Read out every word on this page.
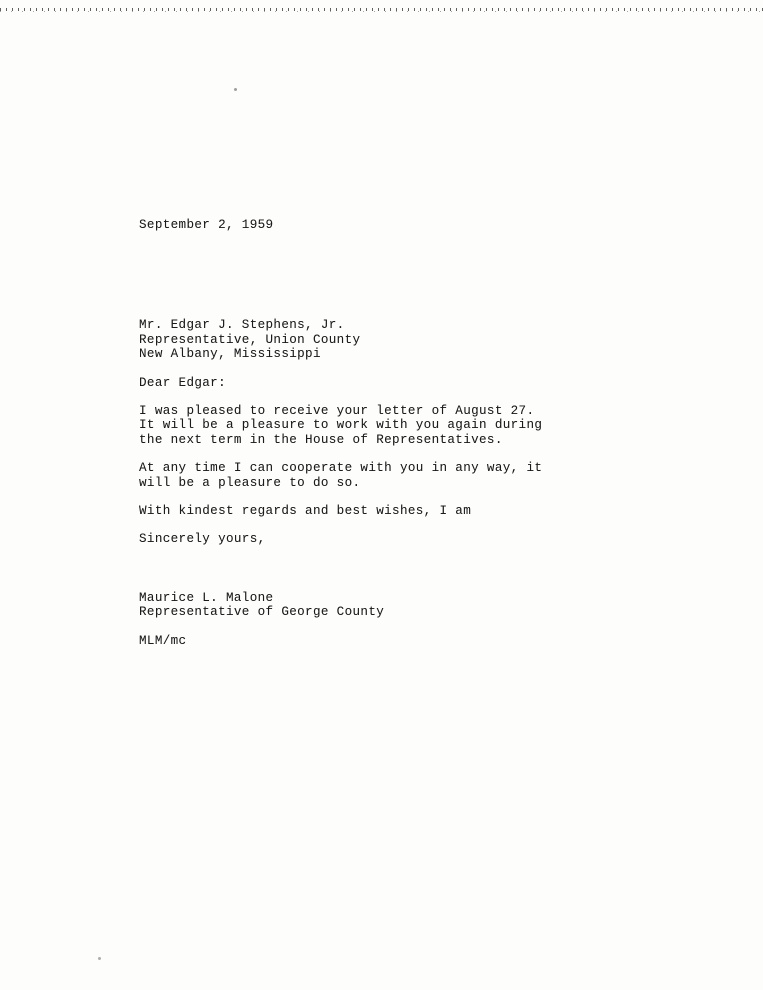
September 2, 1959
Mr. Edgar J. Stephens, Jr.
Representative, Union County
New Albany, Mississippi
Dear Edgar:
I was pleased to receive your letter of August 27.
It will be a pleasure to work with you again during
the next term in the House of Representatives.
At any time I can cooperate with you in any way, it
will be a pleasure to do so.
With kindest regards and best wishes, I am
Sincerely yours,
Maurice L. Malone
Representative of George County
MLM/mc
